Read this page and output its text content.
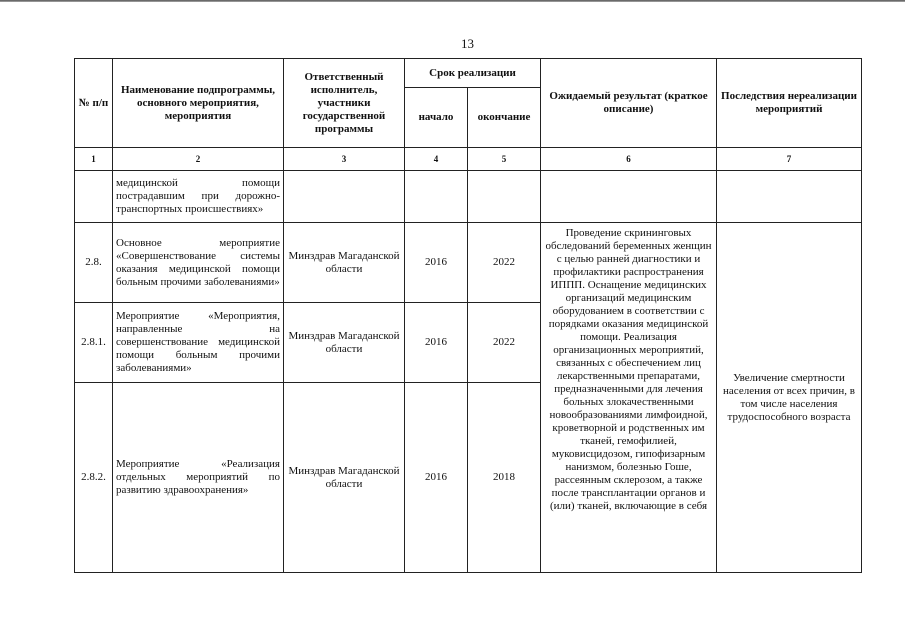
13
№ п/п	Наименование подпрограммы, основного мероприятия, мероприятия	Ответственный исполнитель, участники государственной программы	Срок реализации		Ожидаемый результат (краткое описание)	Последствия нереализации мероприятий
			начало	окончание		
1	2	3	4	5	6	7
	медицинской помощи пострадавшим при дорожно-транспортных происшествиях»					
2.8.	Основное мероприятие «Совершенствование системы оказания медицинской помощи больным прочими заболеваниями»	Минздрав Магаданской области	2016	2022	Проведение скрининговых обследований беременных женщин с целью ранней диагностики и профилактики распространения ИППП. Оснащение медицинских организаций медицинским оборудованием в соответствии с порядками оказания медицинской помощи. Реализация организационных мероприятий, связанных с обеспечением лиц лекарственными препаратами, предназначенными для лечения больных злокачественными новообразованиями лимфоидной, кроветворной и родственных им тканей, гемофилией, муковисцидозом, гипофизарным нанизмом, болезнью Гоше, рассеянным склерозом, а также после трансплантации органов и (или) тканей, включающие в себя	Увеличение смертности населения от всех причин, в том числе населения трудоспособного возраста
2.8.1.	Мероприятие «Мероприятия, направленные на совершенствование медицинской помощи больным прочими заболеваниями»	Минздрав Магаданской области	2016	2022		
2.8.2.	Мероприятие «Реализация отдельных мероприятий по развитию здравоохранения»	Минздрав Магаданской области	2016	2018		
